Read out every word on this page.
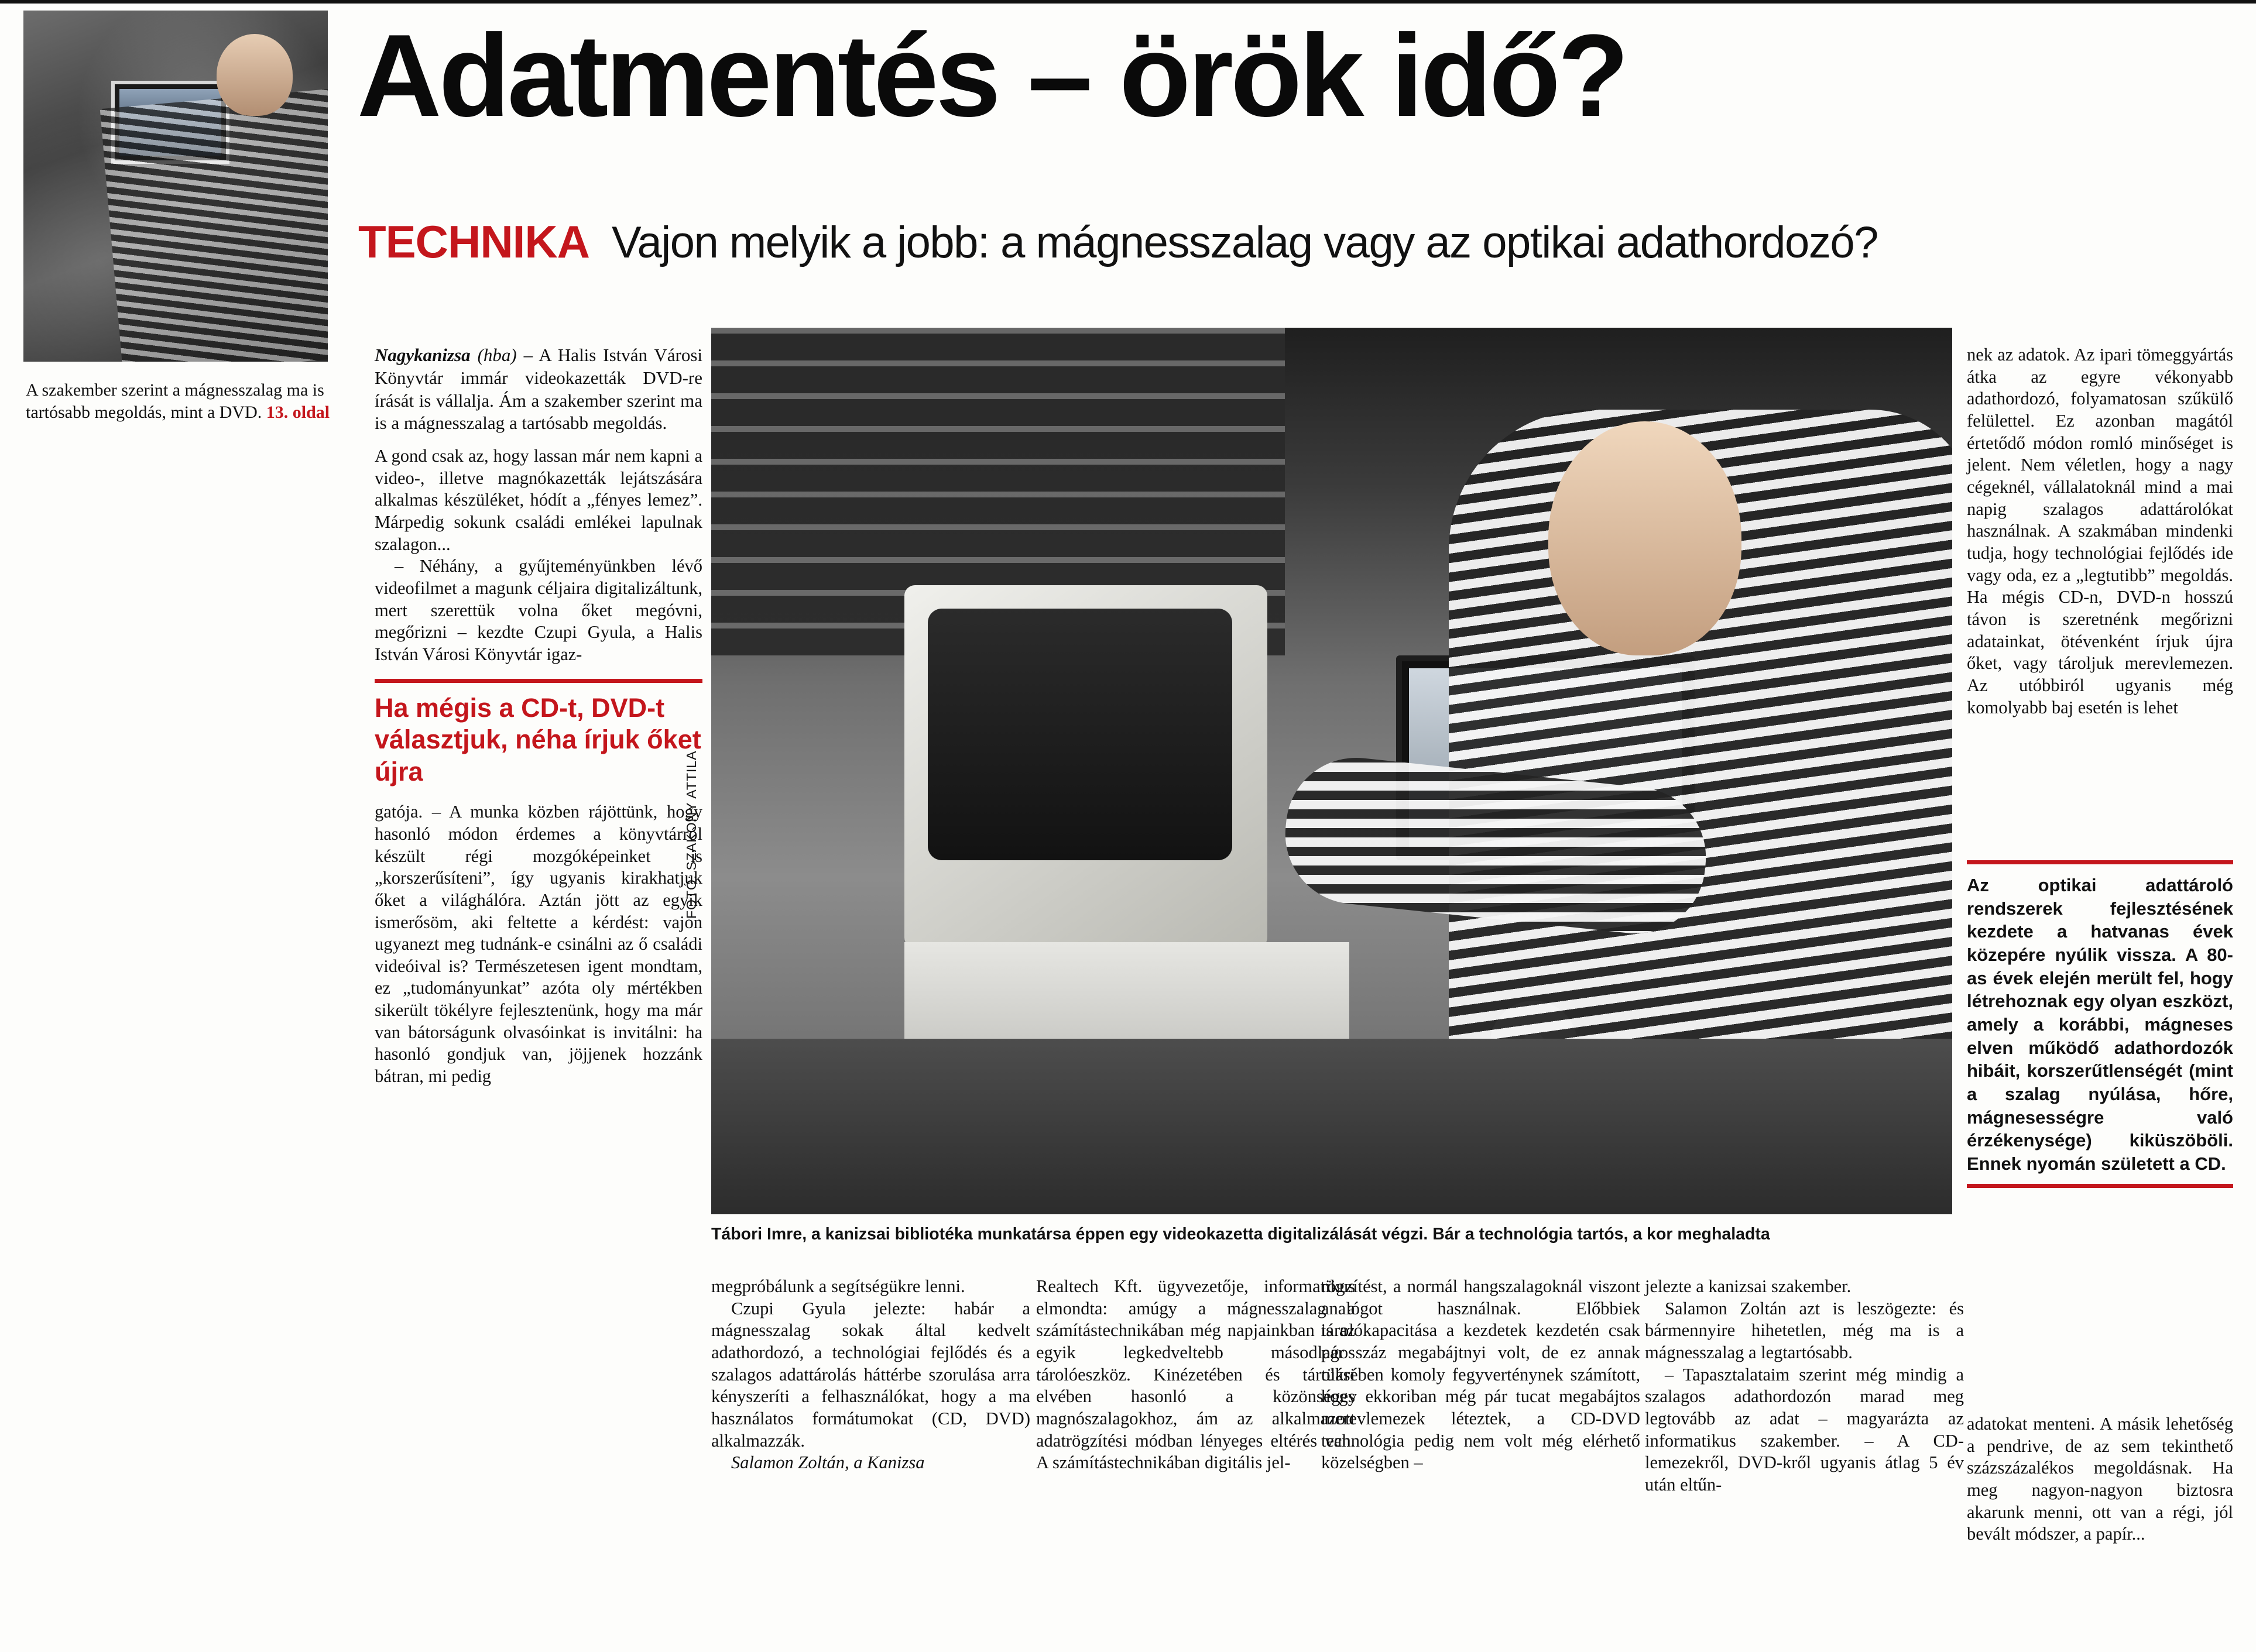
A szakember szerint a mágnesszalag ma is tartósabb megoldás, mint a DVD. 13. oldal
Adatmentés – örök idő?
TECHNIKA Vajon melyik a jobb: a mágnesszalag vagy az optikai adathordozó?
Nagykanizsa (hba) – A Halis István Városi Könyvtár immár videokazetták DVD-re írását is vállalja. Ám a szakember szerint ma is a mágnesszalag a tartósabb megoldás.

A gond csak az, hogy lassan már nem kapni a video-, illetve magnókazetták lejátszására alkalmas készüléket, hódít a „fényes lemez”. Márpedig sokunk családi emlékei lapulnak szalagon...

– Néhány, a gyűjteményünkben lévő videofilmet a magunk céljaira digitalizáltunk, mert szerettük volna őket megóvni, megőrizni – kezdte Czupi Gyula, a Halis István Városi Könyvtár igaz-

Ha mégis a CD-t, DVD-t választjuk, néha írjuk őket újra

gatója. – A munka közben rájöttünk, hogy hasonló módon érdemes a könyvtárról készült régi mozgóképeinket is „korszerűsíteni”, így ugyanis kirakhatjuk őket a világhálóra. Aztán jött az egyik ismerősöm, aki feltette a kérdést: vajon ugyanezt meg tudnánk-e csinálni az ő családi videóival is? Természetesen igent mondtam, ez „tudományunkat” azóta oly mértékben sikerült tökélyre fejlesztenünk, hogy ma már van bátorságunk olvasóinkat is invitálni: ha hasonló gondjuk van, jöjjenek hozzánk bátran, mi pedig

FOTÓ: SZAKONY ATTILA
Tábori Imre, a kanizsai bibliotéka munkatársa éppen egy videokazetta digitalizálását végzi. Bár a technológia tartós, a kor meghaladta

nek az adatok. Az ipari tömeggyártás átka az egyre vékonyabb adathordozó, folyamatosan szűkülő felülettel. Ez azonban magától értetődő módon romló minőséget is jelent. Nem véletlen, hogy a nagy cégeknél, vállalatoknál mind a mai napig szalagos adattárolókat használnak. A szakmában mindenki tudja, hogy technológiai fejlődés ide vagy oda, ez a „legtutibb” megoldás. Ha mégis CD-n, DVD-n hosszú távon is szeretnénk megőrizni adatainkat, ötévenként írjuk újra őket, vagy tároljuk merevlemezen. Az utóbbiról ugyanis még komolyabb baj esetén is lehet

Az optikai adattároló rendszerek fejlesztésének kezdete a hatvanas évek közepére nyúlik vissza. A 80-as évek elején merült fel, hogy létrehoznak egy olyan eszközt, amely a korábbi, mágneses elven működő adathordozók hibáit, korszerűtlenségét (mint a szalag nyúlása, hőre, mágnesességre való érzékenysége) kiküszöböli. Ennek nyomán született a CD.

adatokat menteni. A másik lehetőség a pendrive, de az sem tekinthető százszázalékos megoldásnak. Ha meg nagyon-nagyon biztosra akarunk menni, ott van a régi, jól bevált módszer, a papír...

megpróbálunk a segítségükre lenni.

Czupi Gyula jelezte: habár a mágnesszalag sokak által kedvelt adathordozó, a technológiai fejlődés és a szalagos adattárolás háttérbe szorulása arra kényszeríti a felhasználókat, hogy a ma használatos formátumokat (CD, DVD) alkalmazzák.

Salamon Zoltán, a Kanizsa

Realtech Kft. ügyvezetője, informatikus elmondta: amúgy a mágnesszalag a számítástechnikában még napjainkban is az egyik legkedveltebb másodlagos tárolóeszköz. Kinézetében és tárolási elvében hasonló a közönséges magnószalagokhoz, ám az alkalmazott adatrögzítési módban lényeges eltérés van. A számítástechnikában digitális jel-

rögzítést, a normál hangszalagoknál viszont analógot használnak. Előbbiek tárolókapacitása a kezdetek kezdetén csak pár száz megabájtnyi volt, de ez annak tükrében komoly fegyverténynek számított, hogy ekkoriban még pár tucat megabájtos merevlemezek léteztek, a CD-DVD technológia pedig nem volt még elérhető közelségben –

jelezte a kanizsai szakember.

Salamon Zoltán azt is leszögezte: és bármennyire hihetetlen, még ma is a mágnesszalag a legtartósabb.

– Tapasztalataim szerint még mindig a szalagos adathordozón marad meg legtovább az adat – magyarázta az informatikus szakember. – A CD-lemezekről, DVD-kről ugyanis átlag 5 év után eltűn-
